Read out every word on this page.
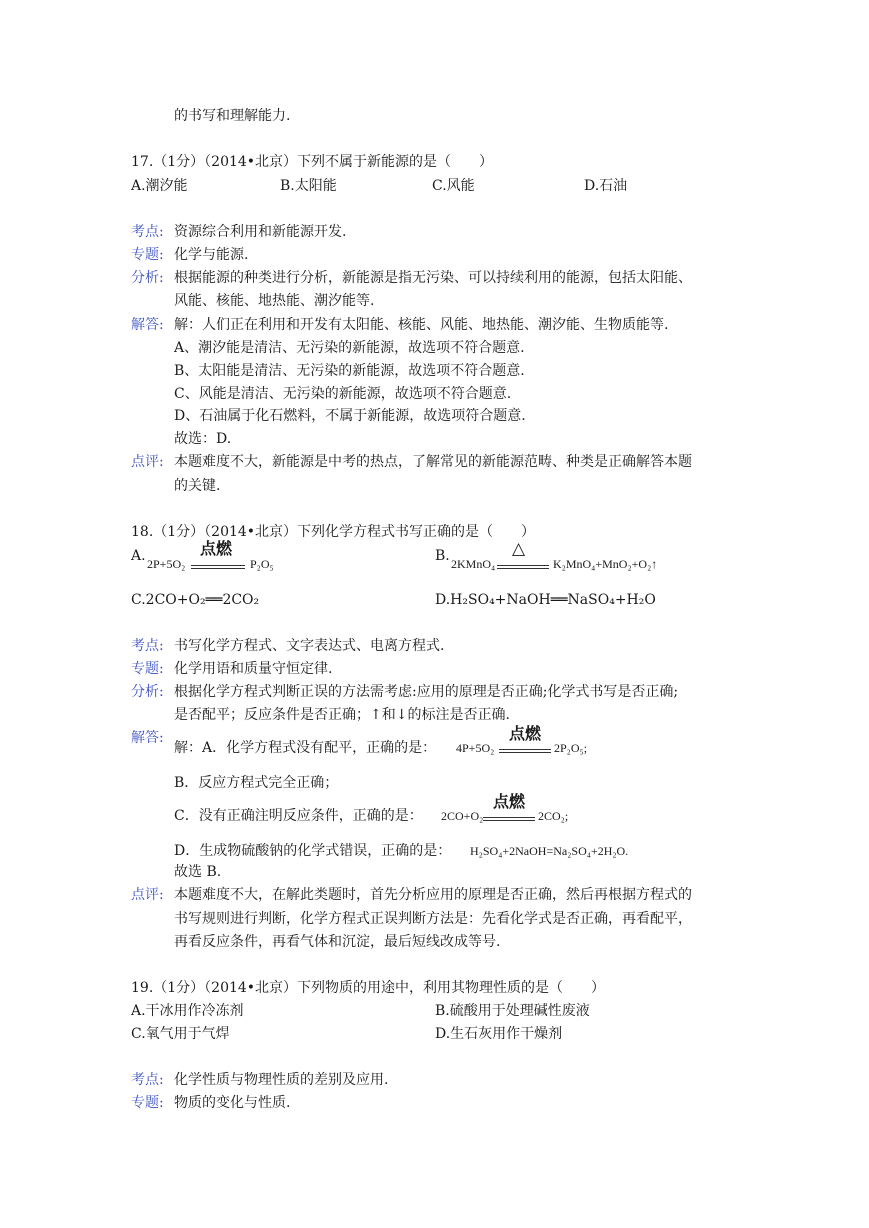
的书写和理解能力.
17.（1分）（2014•北京）下列不属于新能源的是（　　）
A.潮汐能	B.太阳能	C.风能	D.石油
考点: 资源综合利用和新能源开发.
专题: 化学与能源.
分析: 根据能源的种类进行分析，新能源是指无污染、可以持续利用的能源，包括太阳能、
风能、核能、地热能、潮汐能等.
解答: 解：人们正在利用和开发有太阳能、核能、风能、地热能、潮汐能、生物质能等.
A、潮汐能是清洁、无污染的新能源，故选项不符合题意.
B、太阳能是清洁、无污染的新能源，故选项不符合题意.
C、风能是清洁、无污染的新能源，故选项不符合题意.
D、石油属于化石燃料，不属于新能源，故选项符合题意.
故选：D.
点评: 本题难度不大，新能源是中考的热点，了解常见的新能源范畴、种类是正确解答本题
的关键.
18.（1分）（2014•北京）下列化学方程式书写正确的是（　　）
A. 2P+5O₂
点燃
P₂O₅	B. 2KMnO₄
△
K₂MnO₄+MnO₂+O₂↑
C.2CO+O₂══2CO₂	D.H₂SO₄+NaOH══NaSO₄+H₂O
考点: 书写化学方程式、文字表达式、电离方程式.
专题: 化学用语和质量守恒定律.
分析: 根据化学方程式判断正误的方法需考虑:应用的原理是否正确;化学式书写是否正确;
是否配平；反应条件是否正确；↑和↓的标注是否正确.
解答:
解：A．化学方程式没有配平，正确的是： 4P+5O₂
点燃
2P₂O₅;
B．反应方程式完全正确；
C．没有正确注明反应条件，正确的是： 2CO+O₂
点燃
2CO₂;
D．生成物硫酸钠的化学式错误，正确的是： H₂SO₄+2NaOH=Na₂SO₄+2H₂O.
故选 B.
点评: 本题难度不大，在解此类题时，首先分析应用的原理是否正确，然后再根据方程式的
书写规则进行判断，化学方程式正误判断方法是：先看化学式是否正确，再看配平，
再看反应条件，再看气体和沉淀，最后短线改成等号.
19.（1分）（2014•北京）下列物质的用途中，利用其物理性质的是（　　）
A.干冰用作冷冻剂	B.硫酸用于处理碱性废液
C.氧气用于气焊	D.生石灰用作干燥剂
考点: 化学性质与物理性质的差别及应用.
专题: 物质的变化与性质.
